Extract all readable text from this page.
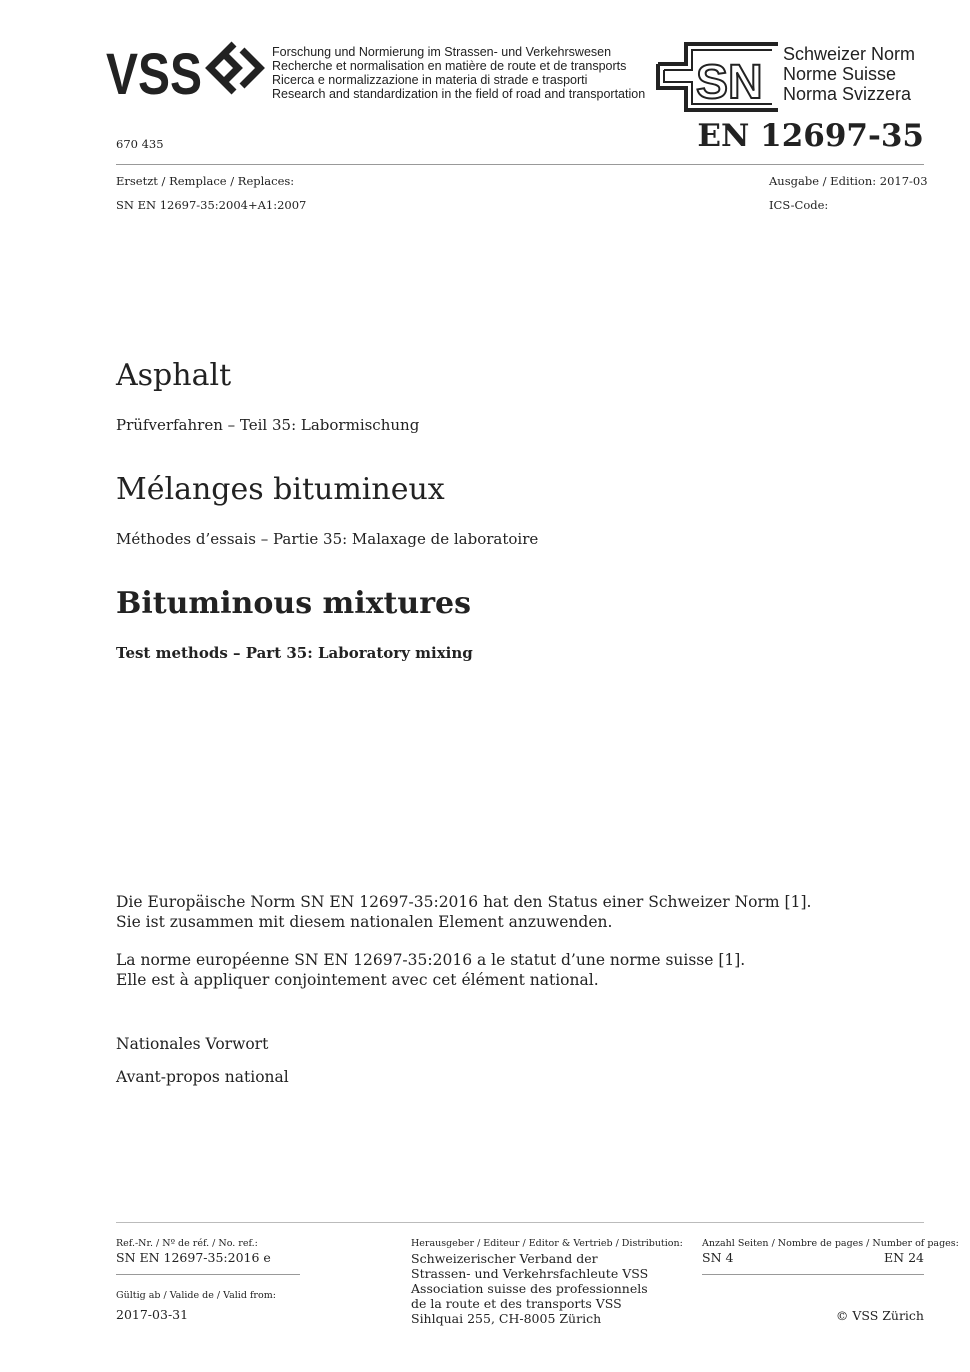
VSS	Forschung und Normierung im Strassen- und Verkehrswesen
Recherche et normalisation en matière de route et de transports
Ricerca e normalizzazione in materia di strade e trasporti
Research and standardization in the field of road and transportation SN
Schweizer Norm
Norme Suisse
Norma Svizzera
670 435	EN 12697-35
Ersetzt / Remplace / Replaces:
SN EN 12697-35:2004+A1:2007
Ausgabe / Edition: 2017-03
ICS-Code:
Asphalt
Prüfverfahren – Teil 35: Labormischung
Mélanges bitumineux
Méthodes d’essais – Partie 35: Malaxage de laboratoire
Bituminous mixtures
Test methods – Part 35: Laboratory mixing
Die Europäische Norm SN EN 12697-35:2016 hat den Status einer Schweizer Norm [1].
Sie ist zusammen mit diesem nationalen Element anzuwenden.
La norme européenne SN EN 12697-35:2016 a le statut d’une norme suisse [1].
Elle est à appliquer conjointement avec cet élément national.
Nationales Vorwort
Avant-propos national
Ref.-Nr. / Nº de réf. / No. ref.:
SN EN 12697-35:2016 e
Gültig ab / Valide de / Valid from:
2017-03-31
Herausgeber / Editeur / Editor & Vertrieb / Distribution:
Schweizerischer Verband der
Strassen- und Verkehrsfachleute VSS
Association suisse des professionnels
de la route et des transports VSS
Sihlquai 255, CH-8005 Zürich
Anzahl Seiten / Nombre de pages / Number of pages:
SN 4	EN 24
© VSS Zürich
